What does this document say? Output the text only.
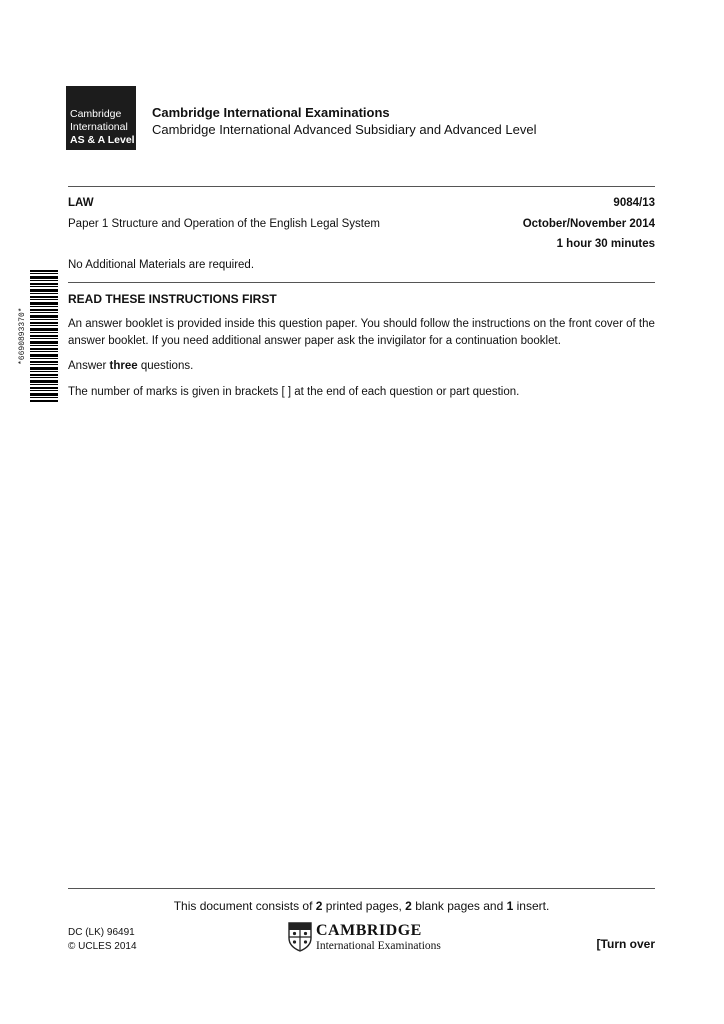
Cambridge
International
AS & A Level
Cambridge International Examinations
Cambridge International Advanced Subsidiary and Advanced Level
LAW	9084/13
Paper 1 Structure and Operation of the English Legal System	October/November 2014
1 hour 30 minutes
No Additional Materials are required.
*6690893370*
READ THESE INSTRUCTIONS FIRST
An answer booklet is provided inside this question paper. You should follow the instructions on the front cover of the answer booklet. If you need additional answer paper ask the invigilator for a continuation booklet.
Answer three questions.
The number of marks is given in brackets [ ] at the end of each question or part question.
This document consists of 2 printed pages, 2 blank pages and 1 insert.
DC (LK) 96491
© UCLES 2014
CAMBRIDGE
International Examinations	[Turn over
